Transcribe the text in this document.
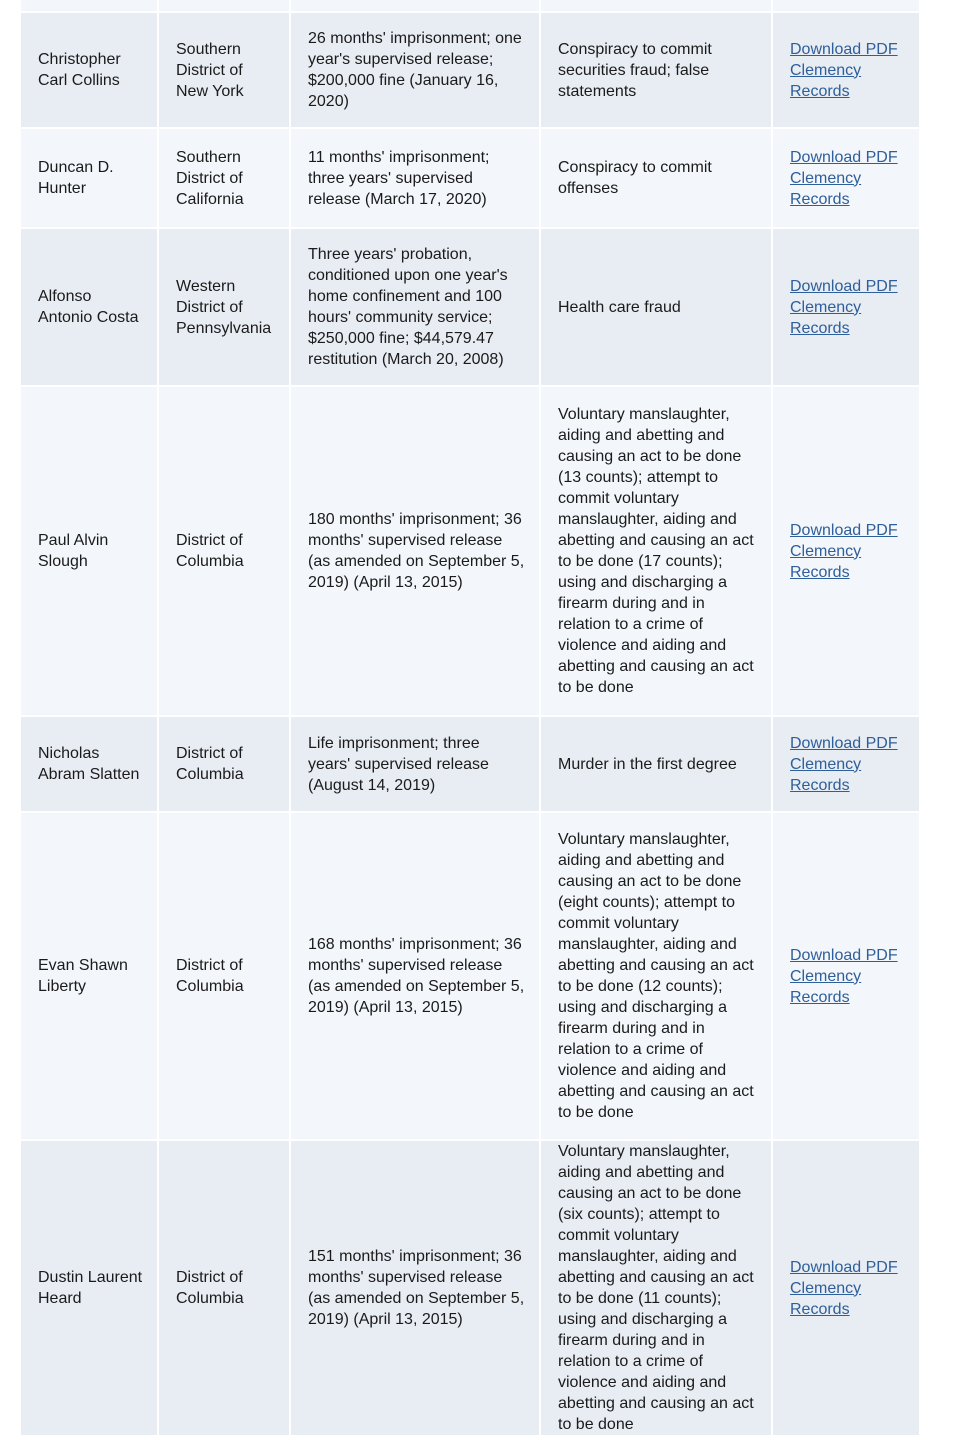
Christopher Carl Collins	Southern District of New York	26 months' imprisonment; one year's supervised release; $200,000 fine (January 16, 2020)	Conspiracy to commit securities fraud; false statements	Download PDF Clemency Records
Duncan D. Hunter	Southern District of California	11 months' imprisonment; three years' supervised release (March 17, 2020)	Conspiracy to commit offenses	Download PDF Clemency Records
Alfonso Antonio Costa	Western District of Pennsylvania	Three years' probation, conditioned upon one year's home confinement and 100 hours' community service; $250,000 fine; $44,579.47 restitution (March 20, 2008)	Health care fraud	Download PDF Clemency Records
Paul Alvin Slough	District of Columbia	180 months' imprisonment; 36 months' supervised release (as amended on September 5, 2019) (April 13, 2015)	Voluntary manslaughter, aiding and abetting and causing an act to be done (13 counts); attempt to commit voluntary manslaughter, aiding and abetting and causing an act to be done (17 counts); using and discharging a firearm during and in relation to a crime of violence and aiding and abetting and causing an act to be done	Download PDF Clemency Records
Nicholas Abram Slatten	District of Columbia	Life imprisonment; three years' supervised release (August 14, 2019)	Murder in the first degree	Download PDF Clemency Records
Evan Shawn Liberty	District of Columbia	168 months' imprisonment; 36 months' supervised release (as amended on September 5, 2019) (April 13, 2015)	Voluntary manslaughter, aiding and abetting and causing an act to be done (eight counts); attempt to commit voluntary manslaughter, aiding and abetting and causing an act to be done (12 counts); using and discharging a firearm during and in relation to a crime of violence and aiding and abetting and causing an act to be done	Download PDF Clemency Records
Dustin Laurent Heard	District of Columbia	151 months' imprisonment; 36 months' supervised release (as amended on September 5, 2019) (April 13, 2015)	Voluntary manslaughter, aiding and abetting and causing an act to be done (six counts); attempt to commit voluntary manslaughter, aiding and abetting and causing an act to be done (11 counts); using and discharging a firearm during and in relation to a crime of violence and aiding and abetting and causing an act to be done	Download PDF Clemency Records
